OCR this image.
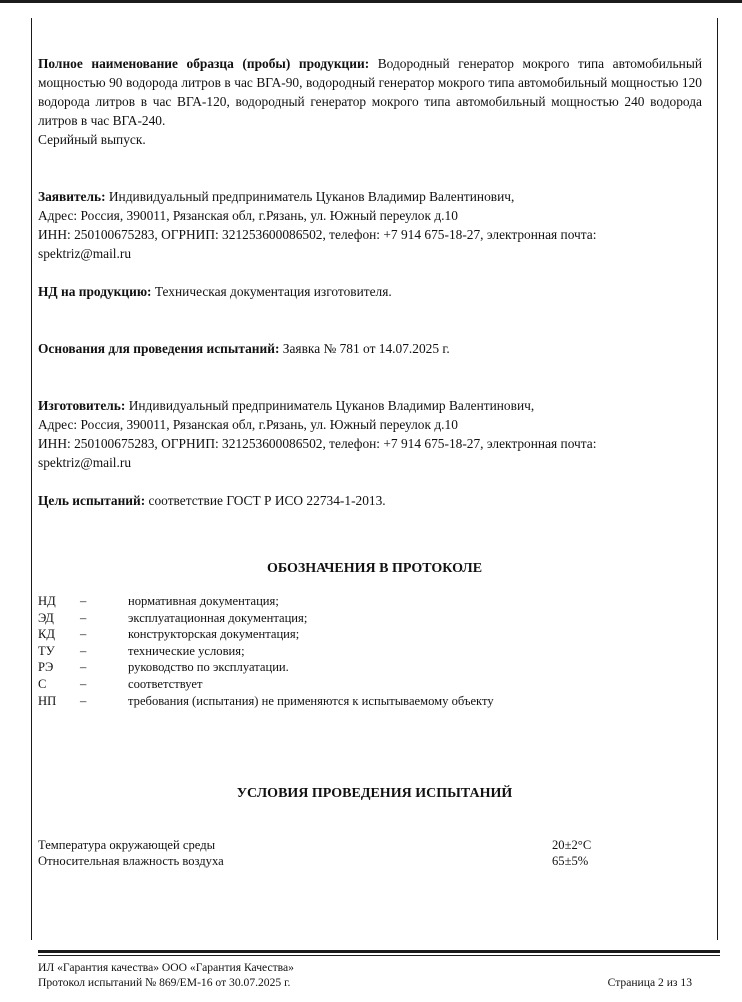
Полное наименование образца (пробы) продукции: Водородный генератор мокрого типа автомобильный мощностью 90 водорода литров в час ВГА-90, водородный генератор мокрого типа автомобильный мощностью 120 водорода литров в час ВГА-120, водородный генератор мокрого типа автомобильный мощностью 240 водорода литров в час ВГА-240.
Серийный выпуск.

Заявитель: Индивидуальный предприниматель Цуканов Владимир Валентинович,
Адрес: Россия, 390011, Рязанская обл, г.Рязань, ул. Южный переулок д.10
ИНН: 250100675283, ОГРНИП: 321253600086502, телефон: +7 914 675-18-27, электронная почта:
spektriz@mail.ru

НД на продукцию: Техническая документация изготовителя.

Основания для проведения испытаний: Заявка № 781 от 14.07.2025 г.

Изготовитель: Индивидуальный предприниматель Цуканов Владимир Валентинович,
Адрес: Россия, 390011, Рязанская обл, г.Рязань, ул. Южный переулок д.10
ИНН: 250100675283, ОГРНИП: 321253600086502, телефон: +7 914 675-18-27, электронная почта:
spektriz@mail.ru

Цель испытаний: соответствие ГОСТ Р ИСО 22734-1-2013.

ОБОЗНАЧЕНИЯ В ПРОТОКОЛЕ
НД	–	нормативная документация;
ЭД	–	эксплуатационная документация;
КД	–	конструкторская документация;
ТУ	–	технические условия;
РЭ	–	руководство по эксплуатации.
С	–	соответствует
НП	–	требования (испытания) не применяются к испытываемому объекту
УСЛОВИЯ ПРОВЕДЕНИЯ ИСПЫТАНИЙ
Температура окружающей среды	20±2°С
Относительная влажность воздуха	65±5%
ИЛ «Гарантия качества» ООО «Гарантия Качества»
Протокол испытаний № 869/ЕМ-16 от 30.07.2025 г.	Страница 2 из 13
